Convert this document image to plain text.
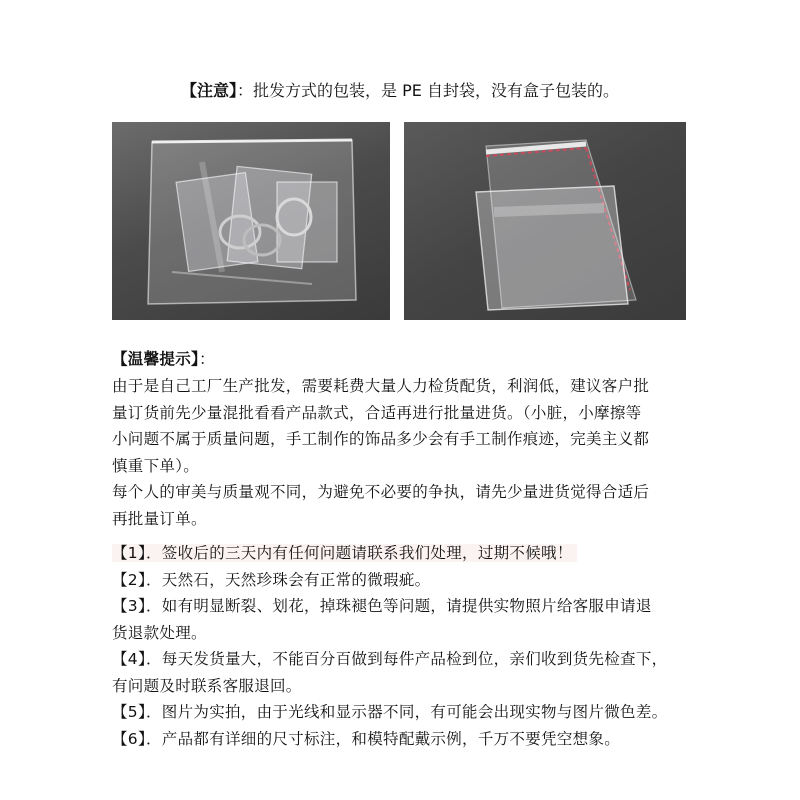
【注意】：批发方式的包装，是 PE 自封袋，没有盒子包装的。
【温馨提示】：

由于是自己工厂生产批发，需要耗费大量人力检货配货，利润低，建议客户批

量订货前先少量混批看看产品款式，合适再进行批量进货。（小脏，小摩擦等

小问题不属于质量问题，手工制作的饰品多少会有手工制作痕迹，完美主义都

慎重下单）。

每个人的审美与质量观不同，为避免不必要的争执，请先少量进货觉得合适后

再批量订单。

【1】．签收后的三天内有任何问题请联系我们处理，过期不候哦！

【2】．天然石，天然珍珠会有正常的微瑕疵。

【3】．如有明显断裂、划花，掉珠褪色等问题，请提供实物照片给客服申请退

货退款处理。

【4】．每天发货量大，不能百分百做到每件产品检到位，亲们收到货先检查下，

有问题及时联系客服退回。

【5】．图片为实拍，由于光线和显示器不同，有可能会出现实物与图片微色差。

【6】．产品都有详细的尺寸标注，和模特配戴示例，千万不要凭空想象。
